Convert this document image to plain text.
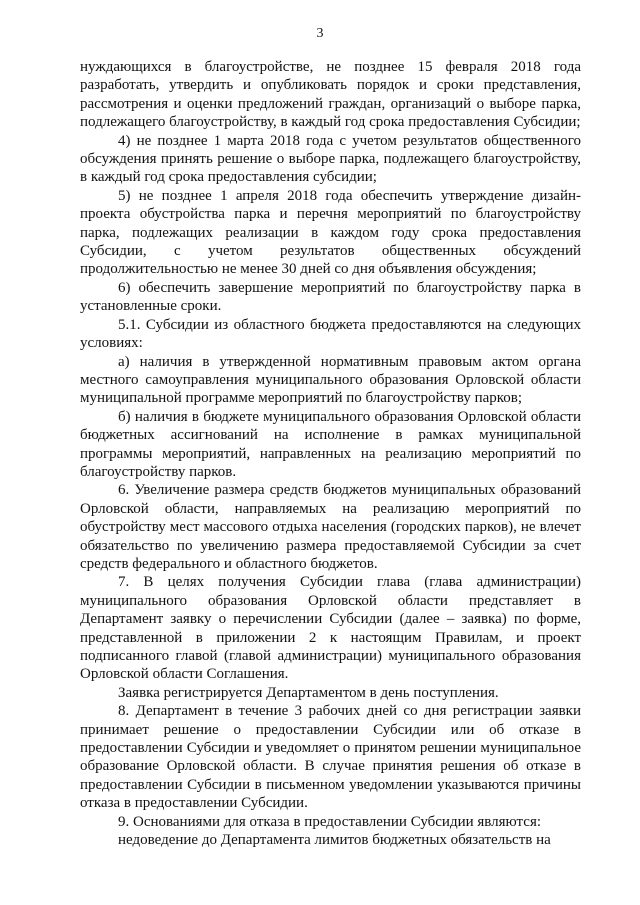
3

нуждающихся в благоустройстве, не позднее 15 февраля 2018 года разработать, утвердить и опубликовать порядок и сроки представления, рассмотрения и оценки предложений граждан, организаций о выборе парка, подлежащего благоустройству, в каждый год срока предоставления Субсидии;

4) не позднее 1 марта 2018 года с учетом результатов общественного обсуждения принять решение о выборе парка, подлежащего благоустройству, в каждый год срока предоставления субсидии;

5) не позднее 1 апреля 2018 года обеспечить утверждение дизайн-проекта обустройства парка и перечня мероприятий по благоустройству парка, подлежащих реализации в каждом году срока предоставления Субсидии, с учетом результатов общественных обсуждений продолжительностью не менее 30 дней со дня объявления обсуждения;

6) обеспечить завершение мероприятий по благоустройству парка в установленные сроки.

5.1. Субсидии из областного бюджета предоставляются на следующих условиях:

а) наличия в утвержденной нормативным правовым актом органа местного самоуправления муниципального образования Орловской области муниципальной программе мероприятий по благоустройству парков;

б) наличия в бюджете муниципального образования Орловской области бюджетных ассигнований на исполнение в рамках муниципальной программы мероприятий, направленных на реализацию мероприятий по благоустройству парков.

6. Увеличение размера средств бюджетов муниципальных образований Орловской области, направляемых на реализацию мероприятий по обустройству мест массового отдыха населения (городских парков), не влечет обязательство по увеличению размера предоставляемой Субсидии за счет средств федерального и областного бюджетов.

7. В целях получения Субсидии глава (глава администрации) муниципального образования Орловской области представляет в Департамент заявку о перечислении Субсидии (далее – заявка) по форме, представленной в приложении 2 к настоящим Правилам, и проект подписанного главой (главой администрации) муниципального образования Орловской области Соглашения.

Заявка регистрируется Департаментом в день поступления.

8. Департамент в течение 3 рабочих дней со дня регистрации заявки принимает решение о предоставлении Субсидии или об отказе в предоставлении Субсидии и уведомляет о принятом решении муниципальное образование Орловской области. В случае принятия решения об отказе в предоставлении Субсидии в письменном уведомлении указываются причины отказа в предоставлении Субсидии.

9. Основаниями для отказа в предоставлении Субсидии являются:

недоведение до Департамента лимитов бюджетных обязательств на
